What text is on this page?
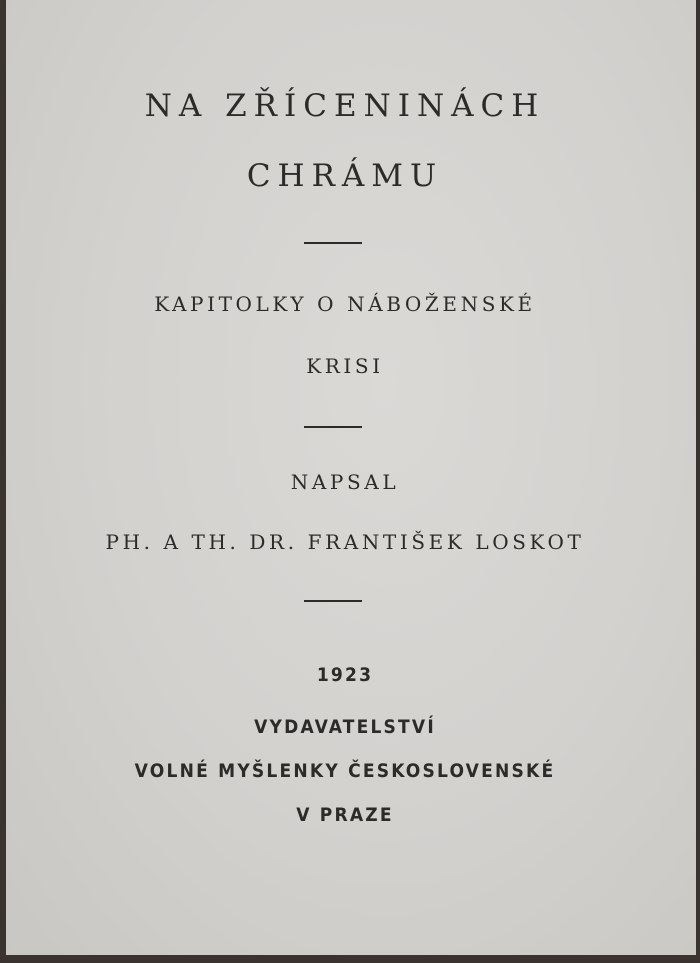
NA ZŘÍCENINÁCH
CHRÁMU
KAPITOLKY O NÁBOŽENSKÉ
KRISI
NAPSAL
PH. A TH. DR. FRANTIŠEK LOSKOT
1923
VYDAVATELSTVÍ
VOLNÉ MYŠLENKY ČESKOSLOVENSKÉ
V PRAZE
